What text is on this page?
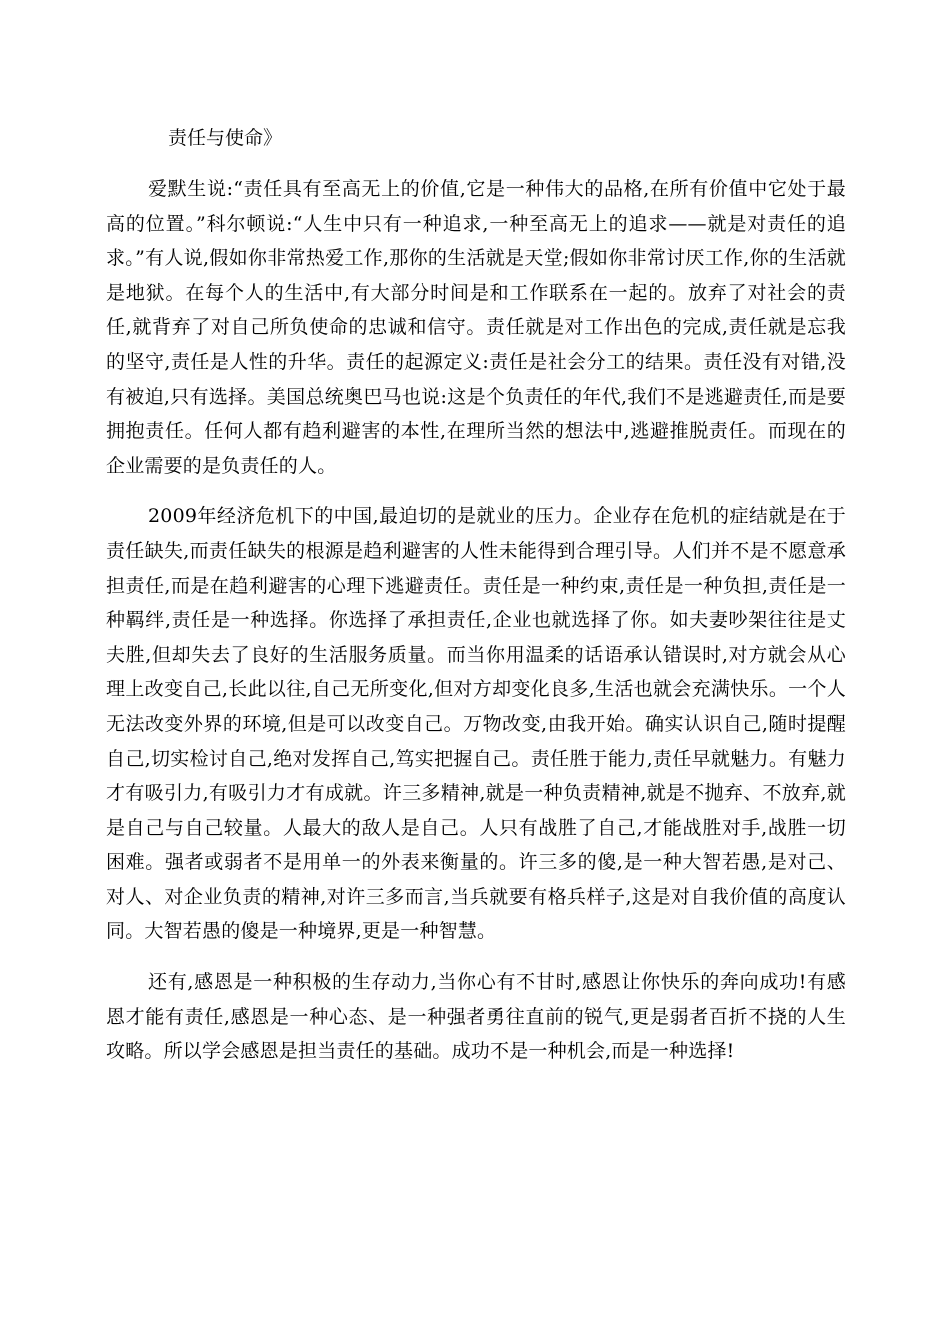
责任与使命》

爱默生说:“责任具有至高无上的价值,它是一种伟大的品格,在所有价值中它处于最高的位置。”科尔顿说:“人生中只有一种追求,一种至高无上的追求——就是对责任的追求。”有人说,假如你非常热爱工作,那你的生活就是天堂;假如你非常讨厌工作,你的生活就是地狱。在每个人的生活中,有大部分时间是和工作联系在一起的。放弃了对社会的责任,就背弃了对自己所负使命的忠诚和信守。责任就是对工作出色的完成,责任就是忘我的坚守,责任是人性的升华。责任的起源定义:责任是社会分工的结果。责任没有对错,没有被迫,只有选择。美国总统奥巴马也说:这是个负责任的年代,我们不是逃避责任,而是要拥抱责任。任何人都有趋利避害的本性,在理所当然的想法中,逃避推脱责任。而现在的企业需要的是负责任的人。

2009年经济危机下的中国,最迫切的是就业的压力。企业存在危机的症结就是在于责任缺失,而责任缺失的根源是趋利避害的人性未能得到合理引导。人们并不是不愿意承担责任,而是在趋利避害的心理下逃避责任。责任是一种约束,责任是一种负担,责任是一种羁绊,责任是一种选择。你选择了承担责任,企业也就选择了你。如夫妻吵架往往是丈夫胜,但却失去了良好的生活服务质量。而当你用温柔的话语承认错误时,对方就会从心理上改变自己,长此以往,自己无所变化,但对方却变化良多,生活也就会充满快乐。一个人无法改变外界的环境,但是可以改变自己。万物改变,由我开始。确实认识自己,随时提醒自己,切实检讨自己,绝对发挥自己,笃实把握自己。责任胜于能力,责任早就魅力。有魅力才有吸引力,有吸引力才有成就。许三多精神,就是一种负责精神,就是不抛弃、不放弃,就是自己与自己较量。人最大的敌人是自己。人只有战胜了自己,才能战胜对手,战胜一切困难。强者或弱者不是用单一的外表来衡量的。许三多的傻,是一种大智若愚,是对己、对人、对企业负责的精神,对许三多而言,当兵就要有格兵样子,这是对自我价值的高度认同。大智若愚的傻是一种境界,更是一种智慧。

还有,感恩是一种积极的生存动力,当你心有不甘时,感恩让你快乐的奔向成功!有感恩才能有责任,感恩是一种心态、是一种强者勇往直前的锐气,更是弱者百折不挠的人生攻略。所以学会感恩是担当责任的基础。成功不是一种机会,而是一种选择!
